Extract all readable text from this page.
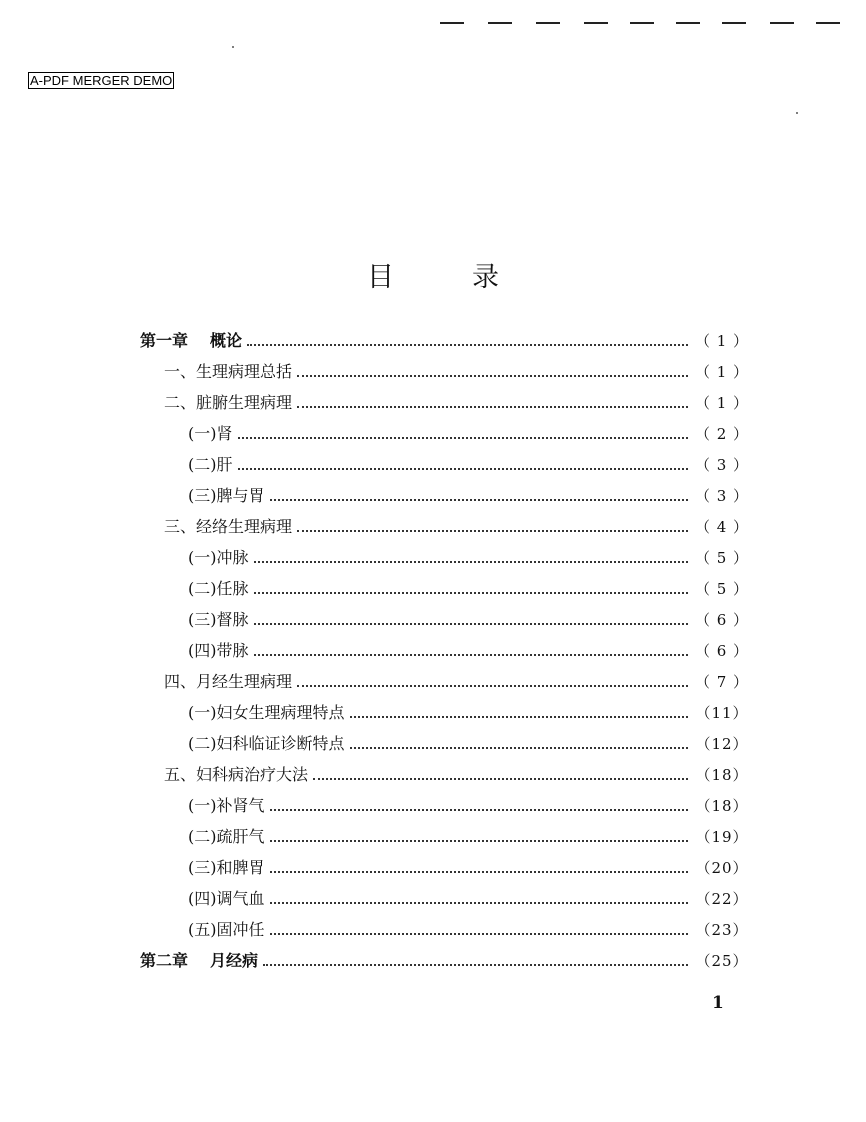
A-PDF MERGER DEMO
目	录
第一章 概论	（ 1 ）
一、生理病理总括	（ 1 ）
二、脏腑生理病理	（ 1 ）
(一)肾	（ 2 ）
(二)肝	（ 3 ）
(三)脾与胃	（ 3 ）
三、经络生理病理	（ 4 ）
(一)冲脉	（ 5 ）
(二)任脉	（ 5 ）
(三)督脉	（ 6 ）
(四)带脉	（ 6 ）
四、月经生理病理	（ 7 ）
(一)妇女生理病理特点	（11）
(二)妇科临证诊断特点	（12）
五、妇科病治疗大法	（18）
(一)补肾气	（18）
(二)疏肝气	（19）
(三)和脾胃	（20）
(四)调气血	（22）
(五)固冲任	（23）
第二章 月经病	（25）
1
